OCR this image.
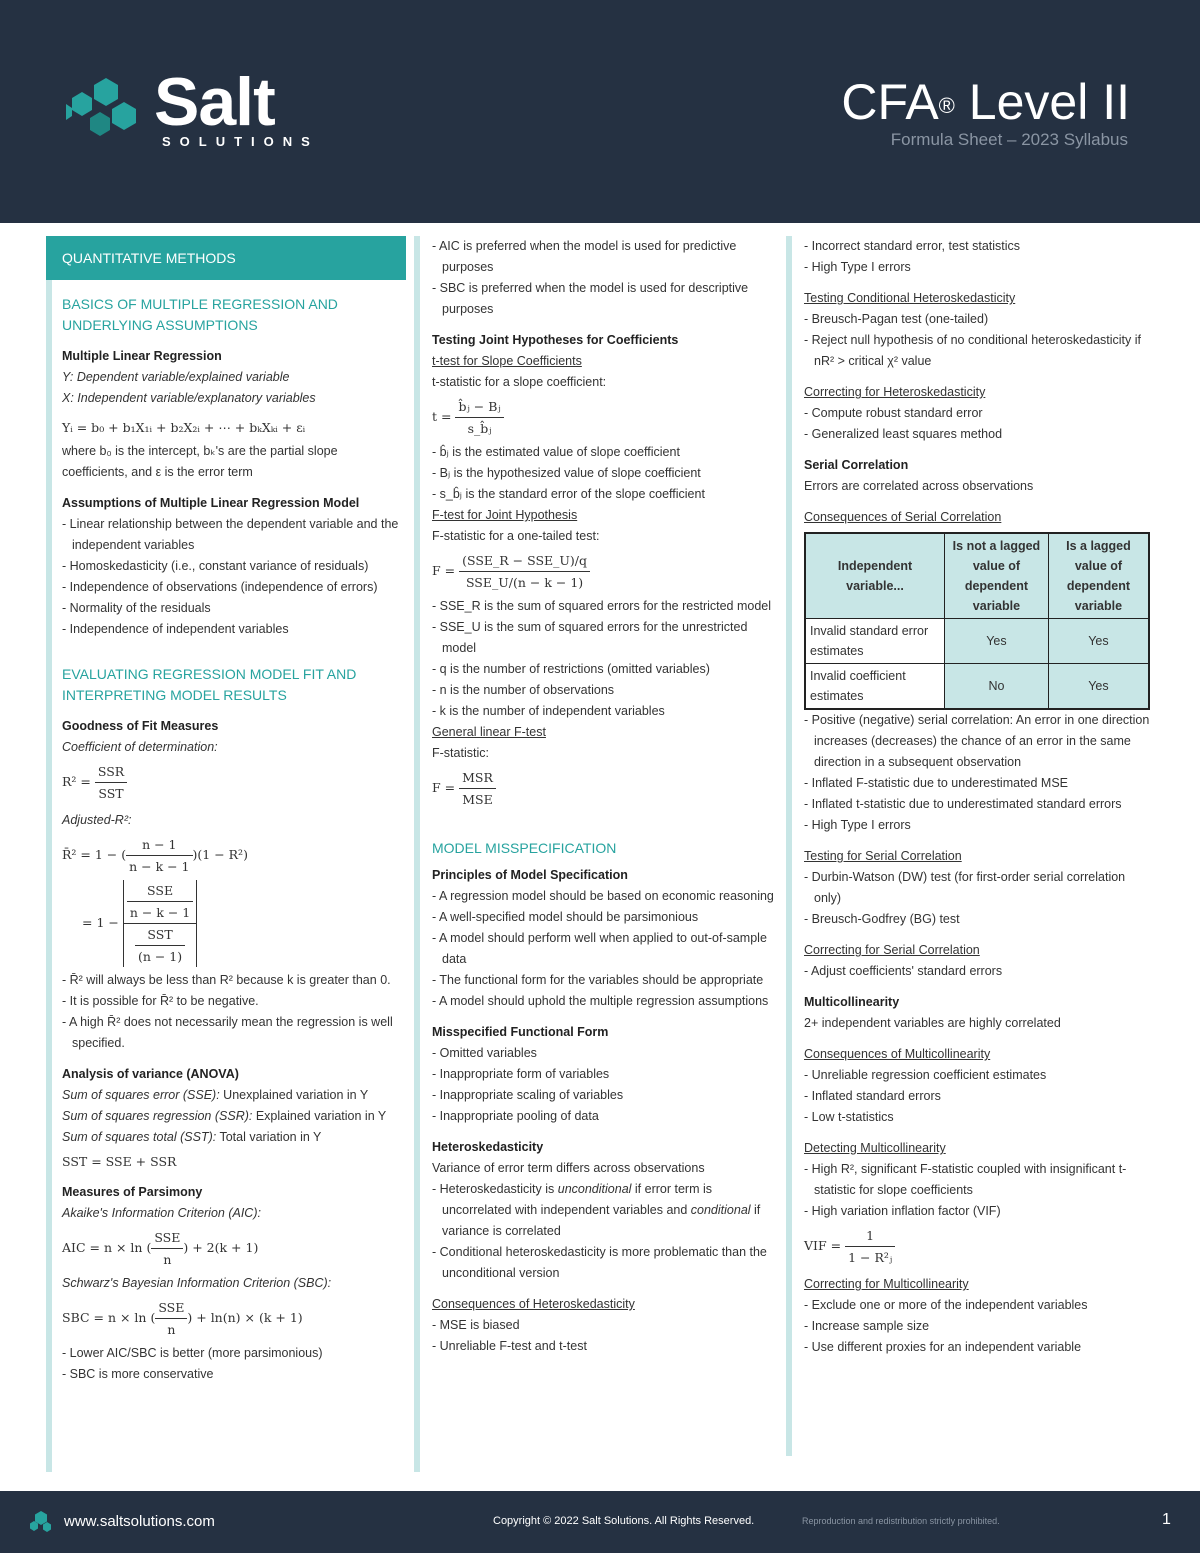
Salt
SOLUTIONS
CFA® Level II
Formula Sheet – 2023 Syllabus
QUANTITATIVE METHODS
BASICS OF MULTIPLE REGRESSION AND UNDERLYING ASSUMPTIONS
Multiple Linear Regression
Y: Dependent variable/explained variable
X: Independent variable/explanatory variables
Yᵢ = b₀ + b₁X₁ᵢ + b₂X₂ᵢ + ⋯ + bₖXₖᵢ + εᵢ
where b₀ is the intercept, bₖ's are the partial slope coefficients, and ε is the error term
Assumptions of Multiple Linear Regression Model
- Linear relationship between the dependent variable and the independent variables
- Homoskedasticity (i.e., constant variance of residuals)
- Independence of observations (independence of errors)
- Normality of the residuals
- Independence of independent variables
EVALUATING REGRESSION MODEL FIT AND INTERPRETING MODEL RESULTS
Goodness of Fit Measures
Coefficient of determination:
$R^2 = \frac{\text{SSR}}{\text{SST}}$
Adjusted-R²:
R̄² = 1 − ( $\frac{n - 1}{n - k - 1} )(1 - R^2)$
= $1 - \frac{\frac{\text{SSE}}{n - k - 1}}{\frac{\text{SST}}{(n - 1)}}$
- R̄² will always be less than R² because k is greater than 0.
- It is possible for R̄² to be negative.
- A high R̄² does not necessarily mean the regression is well specified.
Analysis of variance (ANOVA)
Sum of squares error (SSE): Unexplained variation in Y
Sum of squares regression (SSR): Explained variation in Y
Sum of squares total (SST): Total variation in Y
SST = SSE + SSR
Measures of Parsimony
Akaike's Information Criterion (AIC):
AIC = n × ln ( $\frac{\text{SSE}}{n}$ ) + 2(k + 1)
Schwarz's Bayesian Information Criterion (SBC):
SBC = n × ln ( $\frac{\text{SSE}}{n}$ ) + ln(n) × (k + 1)
- Lower AIC/SBC is better (more parsimonious)
- SBC is more conservative
- AIC is preferred when the model is used for predictive purposes
- SBC is preferred when the model is used for descriptive purposes
Testing Joint Hypotheses for Coefficients
t-test for Slope Coefficients
t-statistic for a slope coefficient:
$t = \frac{\text{b̂ⱼ − Bⱼ}}{\text{s\_b̂ⱼ}}$
- b̂ⱼ is the estimated value of slope coefficient
- Bⱼ is the hypothesized value of slope coefficient
- s_b̂ⱼ is the standard error of the slope coefficient
F-test for Joint Hypothesis
F-statistic for a one-tailed test:
$F = \frac{\text{(SSE\_R − SSE\_U)/q}}{\text{SSE\_U/(n − k − 1)}}$
- SSE_R is the sum of squared errors for the restricted model
- SSE_U is the sum of squared errors for the unrestricted model
- q is the number of restrictions (omitted variables)
- n is the number of observations
- k is the number of independent variables
General linear F-test
F-statistic:
$F = \frac{\text{MSR}}{\text{MSE}}$
MODEL MISSPECIFICATION
Principles of Model Specification
- A regression model should be based on economic reasoning
- A well-specified model should be parsimonious
- A model should perform well when applied to out-of-sample data
- The functional form for the variables should be appropriate
- A model should uphold the multiple regression assumptions
Misspecified Functional Form
- Omitted variables
- Inappropriate form of variables
- Inappropriate scaling of variables
- Inappropriate pooling of data
Heteroskedasticity
Variance of error term differs across observations
- Heteroskedasticity is unconditional if error term is uncorrelated with independent variables and conditional if variance is correlated
- Conditional heteroskedasticity is more problematic than the unconditional version
Consequences of Heteroskedasticity
- MSE is biased
- Unreliable F-test and t-test
- Incorrect standard error, test statistics
- High Type I errors
Testing Conditional Heteroskedasticity
- Breusch-Pagan test (one-tailed)
- Reject null hypothesis of no conditional heteroskedasticity if nR² > critical χ² value
Correcting for Heteroskedasticity
- Compute robust standard error
- Generalized least squares method
Serial Correlation
Errors are correlated across observations
Consequences of Serial Correlation
Independent variable...	Is not a lagged value of dependent variable	Is a lagged value of dependent variable
Invalid standard error estimates	Yes	Yes
Invalid coefficient estimates	No	Yes
- Positive (negative) serial correlation: An error in one direction increases (decreases) the chance of an error in the same direction in a subsequent observation
- Inflated F-statistic due to underestimated MSE
- Inflated t-statistic due to underestimated standard errors
- High Type I errors
Testing for Serial Correlation
- Durbin-Watson (DW) test (for first-order serial correlation only)
- Breusch-Godfrey (BG) test
Correcting for Serial Correlation
- Adjust coefficients' standard errors
Multicollinearity
2+ independent variables are highly correlated
Consequences of Multicollinearity
- Unreliable regression coefficient estimates
- Inflated standard errors
- Low t-statistics
Detecting Multicollinearity
- High R², significant F-statistic coupled with insignificant t-statistic for slope coefficients
- High variation inflation factor (VIF)
VIF = $\frac{1}{\text{1 − R²ⱼ}}$
Correcting for Multicollinearity
- Exclude one or more of the independent variables
- Increase sample size
- Use different proxies for an independent variable
www.saltsolutions.com	Copyright © 2022 Salt Solutions. All Rights Reserved.	Reproduction and redistribution strictly prohibited.	1
